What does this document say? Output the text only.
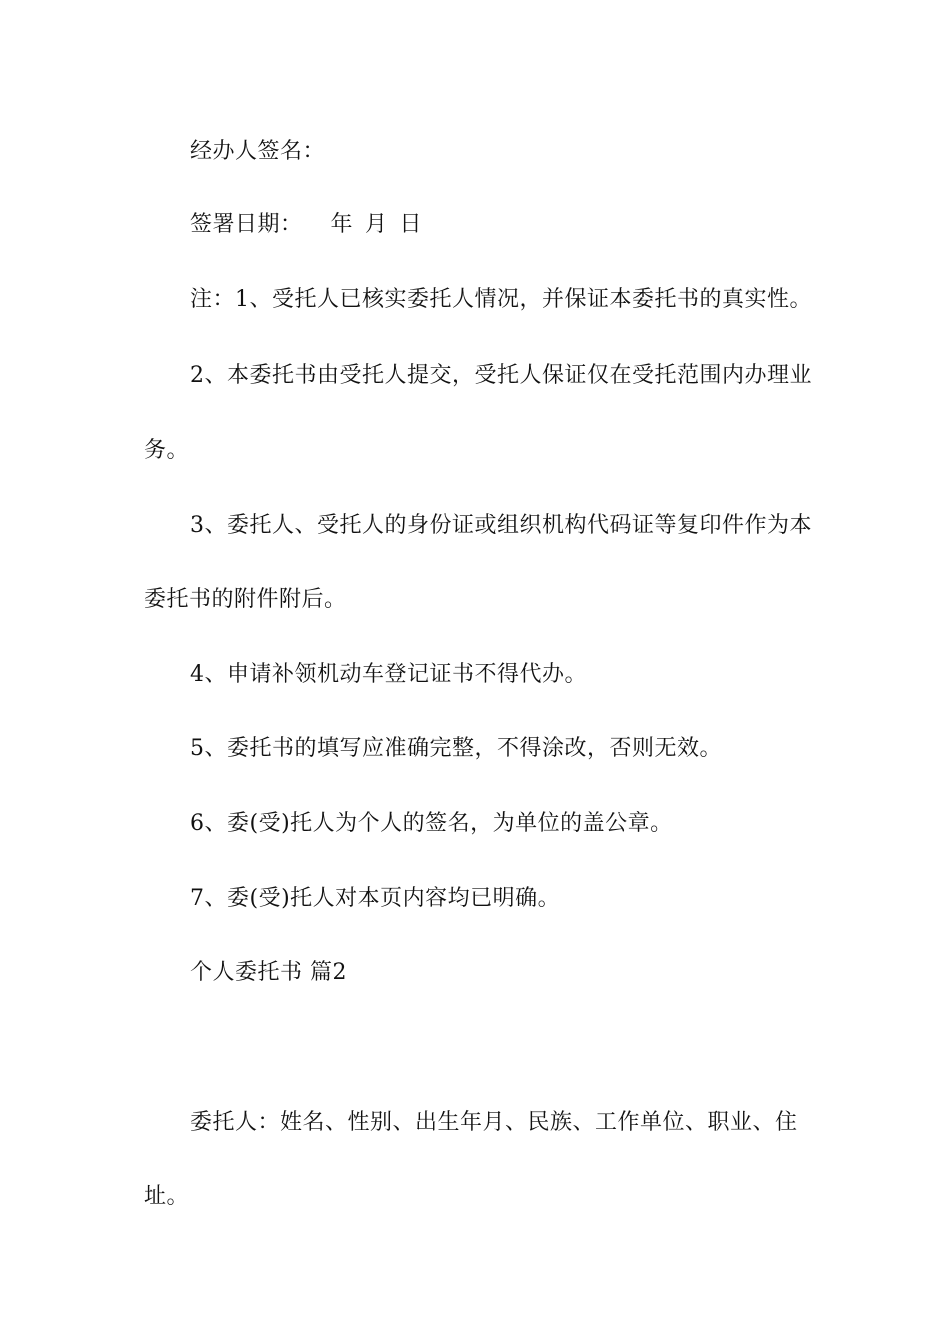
经办人签名：
签署日期： 年 月 日
注：1、受托人已核实委托人情况，并保证本委托书的真实性。
2、本委托书由受托人提交，受托人保证仅在受托范围内办理业
务。
3、委托人、受托人的身份证或组织机构代码证等复印件作为本
委托书的附件附后。
4、申请补领机动车登记证书不得代办。
5、委托书的填写应准确完整，不得涂改，否则无效。
6、委(受)托人为个人的签名，为单位的盖公章。
7、委(受)托人对本页内容均已明确。
个人委托书 篇2
委托人：姓名、性别、出生年月、民族、工作单位、职业、住
址。
